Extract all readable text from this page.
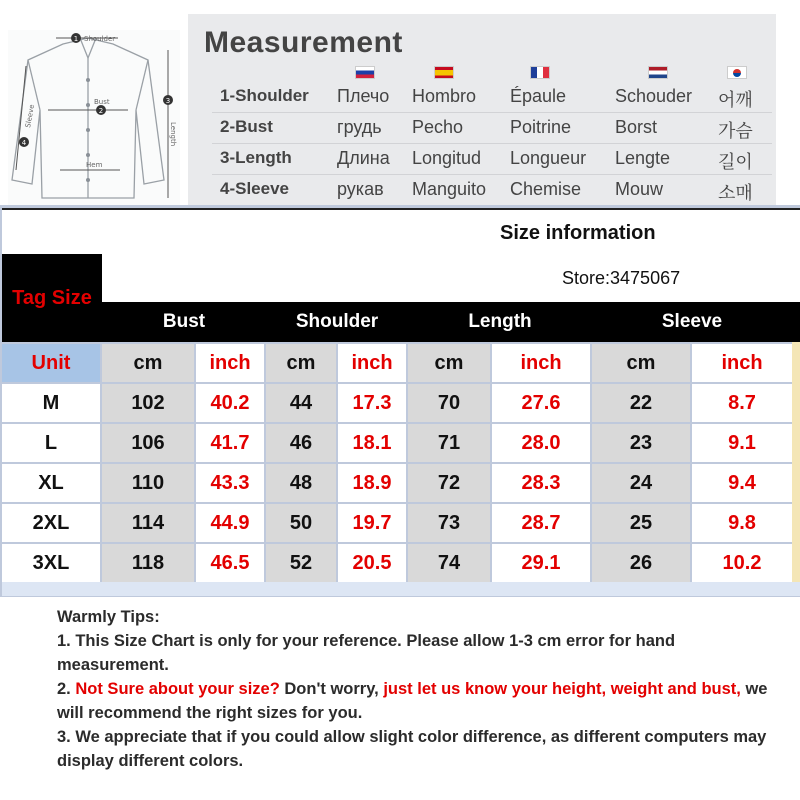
1
2
3
4
Shoulder
Bust
Hem
Length
Sleeve
Measurement
1-Shoulder Плечо Hombro Épaule	Schouder 어깨
2-Bust	грудь Pecho	Poitrine Borst	가슴
3-Length	Длина Longitud Longueur Lengte	길이
4-Sleeve	рукав Manguito Chemise Mouw	소매
Size information
Tag Size
Store:3475067
Bust	Shoulder	Length	Sleeve
Unit	cm	inch	cm	inch	cm	inch	cm	inch
M	102	40.2	44	17.3	70	27.6	22	8.7
L	106	41.7	46	18.1	71	28.0	23	9.1
XL	110	43.3	48	18.9	72	28.3	24	9.4
2XL	114	44.9	50	19.7	73	28.7	25	9.8
3XL	118	46.5	52	20.5	74	29.1	26	10.2

Warmly Tips:

1. This Size Chart is only for your reference. Please allow 1-3 cm error for hand measurement.

2. Not Sure about your size? Don't worry, just let us know your height, weight and bust, we will recommend the right sizes for you.

3. We appreciate that if you could allow slight color difference, as different computers may display different colors.
